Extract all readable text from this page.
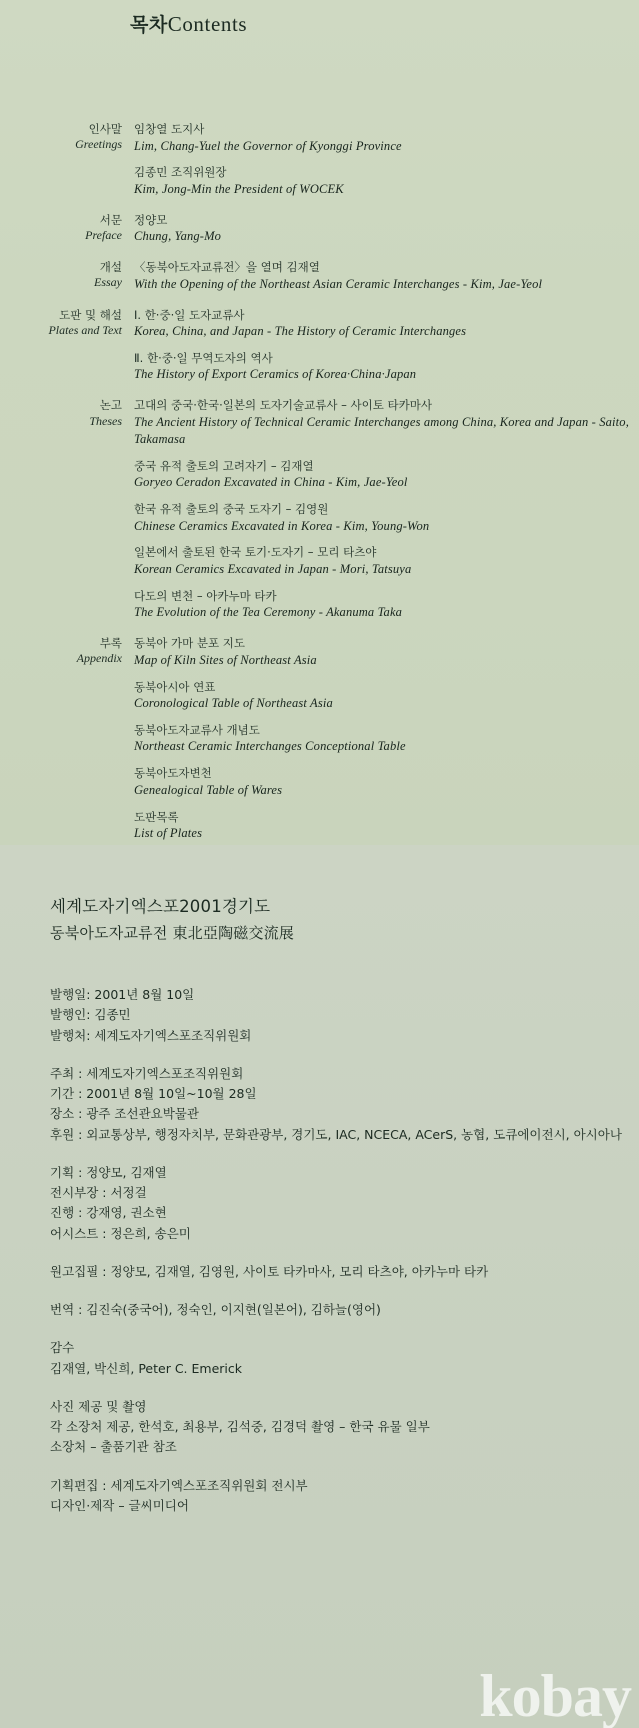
목차Contents
인사말
Greetings
임창열 도지사
Lim, Chang-Yuel the Governor of Kyonggi Province
김종민 조직위원장
Kim, Jong-Min the President of WOCEK
서문
Preface
정양모
Chung, Yang-Mo
개설
Essay
〈동북아도자교류전〉을 열며 김재열
With the Opening of the Northeast Asian Ceramic Interchanges - Kim, Jae-Yeol
도판 및 해설
Plates and Text
Ⅰ. 한·중·일 도자교류사
Korea, China, and Japan - The History of Ceramic Interchanges
Ⅱ. 한·중·일 무역도자의 역사
The History of Export Ceramics of Korea·China·Japan
논고
Theses
고대의 중국·한국·일본의 도자기술교류사 – 사이토 타카마사
The Ancient History of Technical Ceramic Interchanges among China, Korea and Japan - Saito, Takamasa
중국 유적 출토의 고려자기 – 김재열
Goryeo Ceradon Excavated in China - Kim, Jae-Yeol
한국 유적 출토의 중국 도자기 – 김영원
Chinese Ceramics Excavated in Korea - Kim, Young-Won
일본에서 출토된 한국 토기·도자기 – 모리 타츠야
Korean Ceramics Excavated in Japan - Mori, Tatsuya
다도의 변천 – 아카누마 타카
The Evolution of the Tea Ceremony - Akanuma Taka
부록
Appendix
동북아 가마 분포 지도
Map of Kiln Sites of Northeast Asia
동북아시아 연표
Coronological Table of Northeast Asia
동북아도자교류사 개념도
Northeast Ceramic Interchanges Conceptional Table
동북아도자변천
Genealogical Table of Wares
도판목록
List of Plates
세계도자기엑스포2001경기도
동북아도자교류전 東北亞陶磁交流展
발행일: 2001년 8월 10일
발행인: 김종민
발행처: 세계도자기엑스포조직위원회
주최 : 세계도자기엑스포조직위원회
기간 : 2001년 8월 10일~10월 28일
장소 : 광주 조선관요박물관
후원 : 외교통상부, 행정자치부, 문화관광부, 경기도, IAC, NCECA, ACerS, 농협, 도큐에이전시, 아시아나
기획 : 정양모, 김재열
전시부장 : 서정걸
진행 : 강재영, 권소현
어시스트 : 정은희, 송은미
원고집필 : 정양모, 김재열, 김영원, 사이토 타카마사, 모리 타츠야, 아카누마 타카
번역 : 김진숙(중국어), 정숙인, 이지현(일본어), 김하늘(영어)
감수
김재열, 박신희, Peter C. Emerick
사진 제공 및 촬영
각 소장처 제공, 한석호, 최용부, 김석중, 김경덕 촬영 – 한국 유물 일부
소장처 – 출품기관 참조
기획편집 : 세계도자기엑스포조직위원회 전시부
디자인·제작 – 글씨미디어
kobay
